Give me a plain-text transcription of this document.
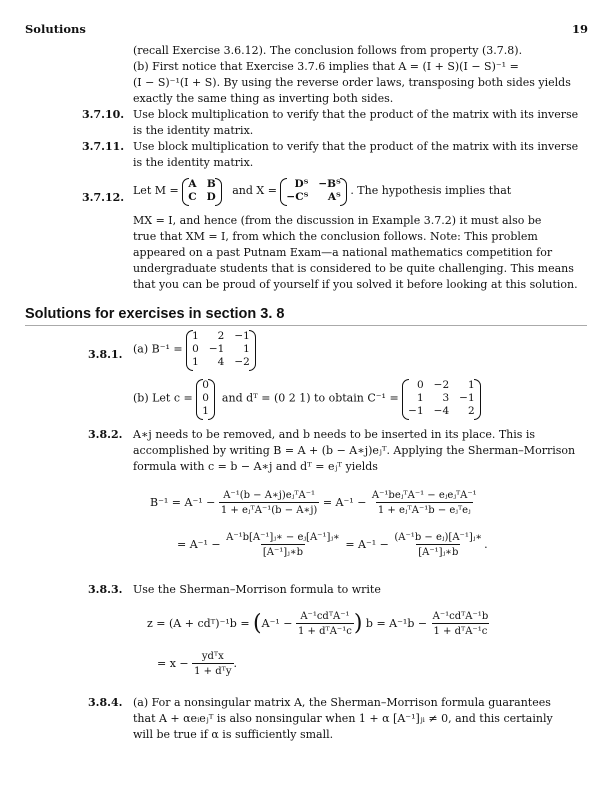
Solutions	19
(recall Exercise 3.6.12). The conclusion follows from property (3.7.8).
(b) First notice that Exercise 3.7.6 implies that A = (I + S)(I − S)⁻¹ =
(I − S)⁻¹(I + S). By using the reverse order laws, transposing both sides yields
exactly the same thing as inverting both sides.
3.7.10. Use block multiplication to verify that the product of the matrix with its inverse
is the identity matrix.
3.7.11. Use block multiplication to verify that the product of the matrix with its inverse
is the identity matrix.
3.7.12.
Let M = A B
C D and X =	Dᵀ −Bᵀ
−Cᵀ	Aᵀ . The hypothesis implies that
MX = I, and hence (from the discussion in Example 3.7.2) it must also be
true that XM = I, from which the conclusion follows. Note: This problem
appeared on a past Putnam Exam—a national mathematics competition for
undergraduate students that is considered to be quite challenging. This means
that you can be proud of yourself if you solved it before looking at this solution.
Solutions for exercises in section 3. 8
3.8.1. (a) B⁻¹ =
1	2 −1
0 −1	1
1	4 −2
(b) Let c =
0
0
1
and dᵀ = (0 2 1) to obtain C⁻¹ =
0 −2	1
1	3 −1
−1 −4	2
3.8.2. A∗j needs to be removed, and b needs to be inserted in its place. This is
accomplished by writing B = A + (b − A∗j)eⱼᵀ. Applying the Sherman–Morrison
formula with c = b − A∗j and dᵀ = eⱼᵀ yields
$B^{-1} = A^{-1} - \frac{\text{A⁻¹(b − A∗j)eⱼᵀA⁻¹}}{\text{1 + eⱼᵀA⁻¹(b − A∗j)}} = A^{-1} - \frac{\text{A⁻¹beⱼᵀA⁻¹ − eⱼeⱼᵀA⁻¹}}{\text{1 + eⱼᵀA⁻¹b − eⱼᵀeⱼ}}$
= $A^{-1} - \frac{\text{A⁻¹b[A⁻¹]ⱼ∗ − eⱼ[A⁻¹]ⱼ∗}}{\text{[A⁻¹]ⱼ∗b}} = A^{-1} - \frac{\text{(A⁻¹b − eⱼ)[A⁻¹]ⱼ∗}}{\text{[A⁻¹]ⱼ∗b}}$ .
3.8.3. Use the Sherman–Morrison formula to write
z = (A + cdᵀ)⁻¹b = ($A^{-1} - \frac{\text{A⁻¹cdᵀA⁻¹}}{\text{1 + dᵀA⁻¹c}}$ ) $b = A^{-1}b - \frac{\text{A⁻¹cdᵀA⁻¹b}}{\text{1 + dᵀA⁻¹c}}$
= $x - \frac{\text{ydᵀx}}{\text{1 + dᵀy}}$ .
3.8.4. (a) For a nonsingular matrix A, the Sherman–Morrison formula guarantees
that A + αeᵢeⱼᵀ is also nonsingular when 1 + α [A⁻¹]ⱼᵢ ≠ 0, and this certainly
will be true if α is sufficiently small.
